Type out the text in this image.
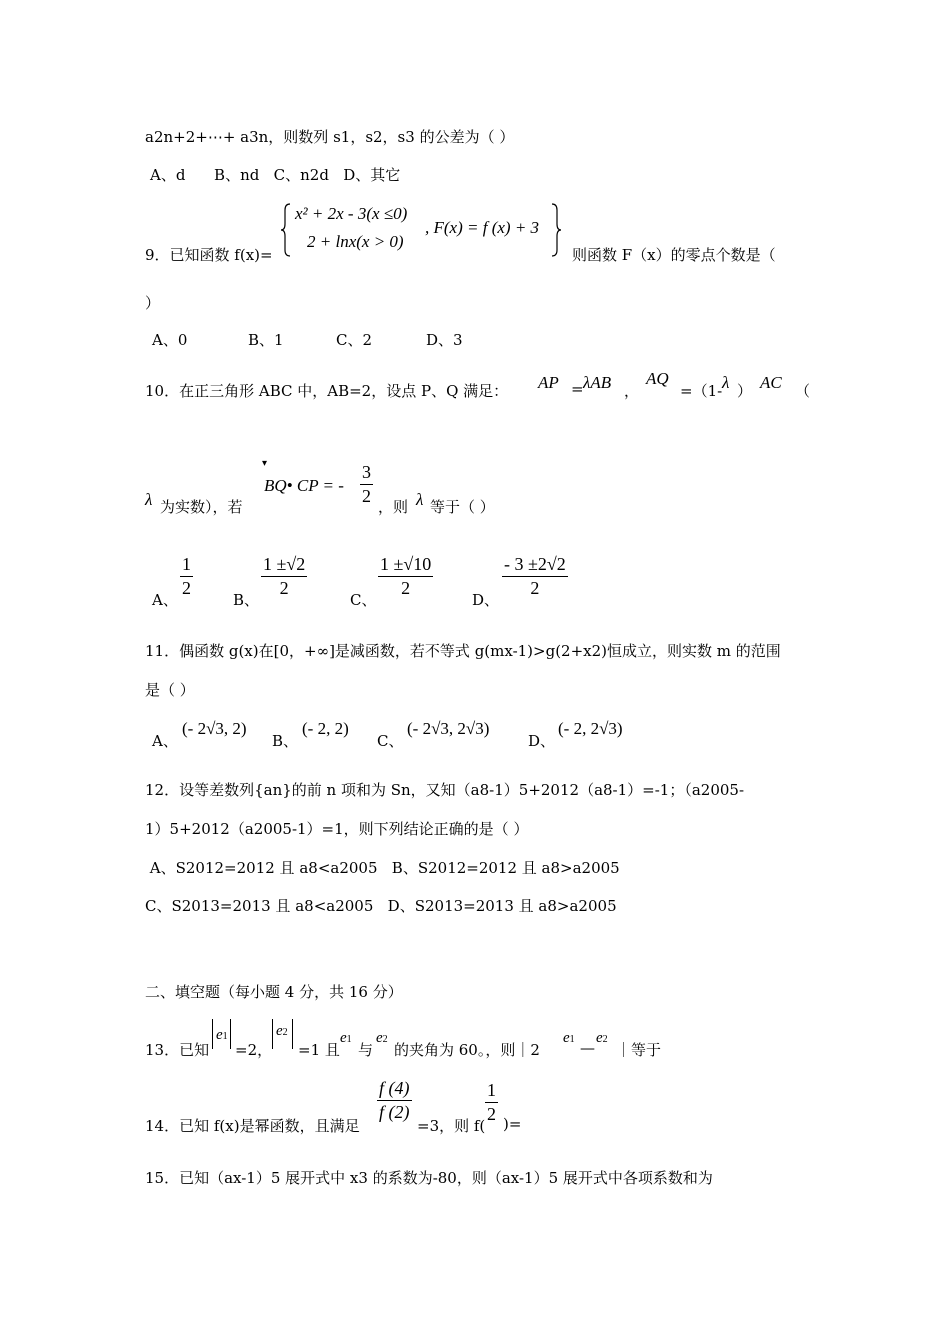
a2n+2+⋯+ a3n，则数列 s1，s2，s3 的公差为（ ）
A、d      B、nd   C、n2d   D、其它
9．已知函数 f(x)=
x² + 2x - 3(x ≤0)
2 + lnx(x > 0)
, F(x) = f (x) + 3
则函数 F（x）的零点个数是（
）
A、0	B、1	C、2	D、3
10．在正三角形 ABC 中，AB=2，设点 P、Q 满足： AP = λAB ，
AQ
=（1- λ ） AC （
λ 为实数），若
▾
BQ• CP = -
3
2
，则 λ 等于（ ）
A、
1
2
B、
1 ±√2
2
C、
1 ±√10
2
D、
- 3 ±2√2
2
11．偶函数 g(x)在[0，+∞]是减函数，若不等式 g(mx-1)>g(2+x2)恒成立，则实数 m 的范围
是（ ）
A、
(- 2√3, 2)
B、
(- 2, 2)
C、
(- 2√3, 2√3)
D、
(- 2, 2√3)
12．设等差数列{an}的前 n 项和为 Sn，又知（a8-1）5+2012（a8-1）=-1；（a2005-
1）5+2012（a2005-1）=1，则下列结论正确的是（ ）
A、S2012=2012 且 a8<a2005   B、S2012=2012 且 a8>a2005
C、S2013=2013 且 a8<a2005   D、S2013=2013 且 a8>a2005
二、填空题（每小题 4 分，共 16 分）
13．已知
e1
=2，
e2
=1 且
e1
与
e2
的夹角为 60。，则｜2
e1 —
e2
｜等于
14．已知 f(x)是幂函数，且满足
f (4)
f (2)
=3，则 f(
1
2 )=
15．已知（ax-1）5 展开式中 x3 的系数为-80，则（ax-1）5 展开式中各项系数和为
